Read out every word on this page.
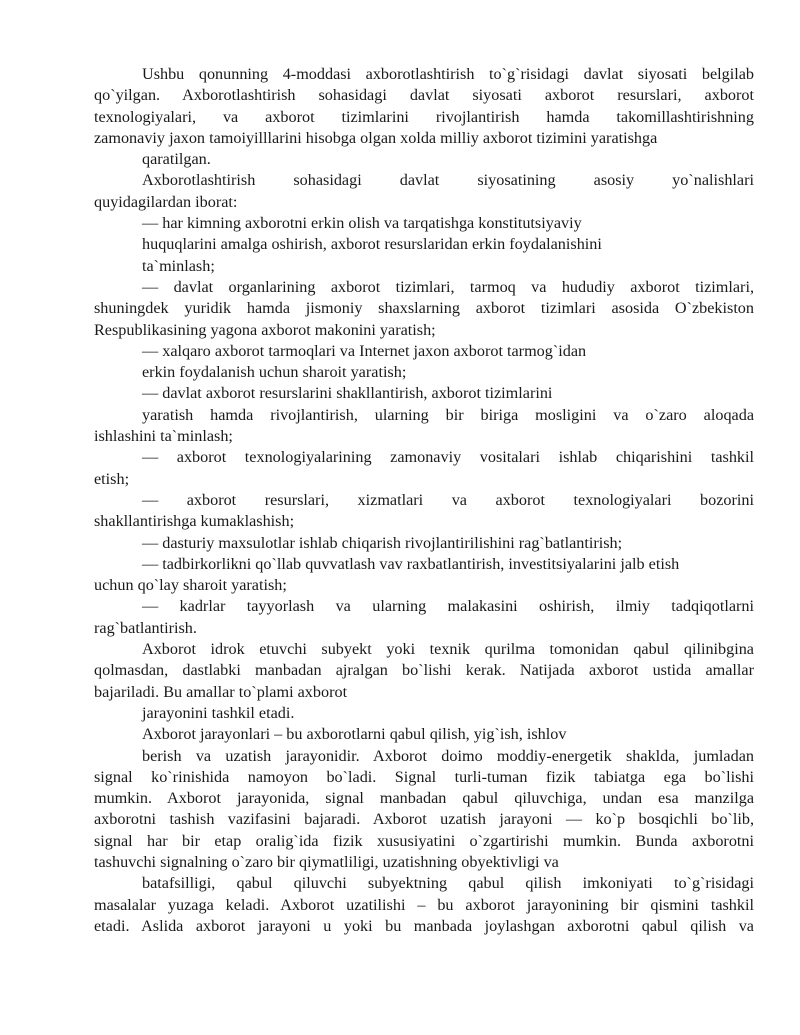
Ushbu qonunning 4-moddasi axborotlashtirish to`g`risidagi davlat siyosati belgilab
qo`yilgan. Axborotlashtirish sohasidagi davlat siyosati axborot resurslari, axborot
texnologiyalari, va axborot tizimlarini rivojlantirish hamda takomillashtirishning
zamonaviy jaxon tamoiyilllarini hisobga olgan xolda milliy axborot tizimini yaratishga
qaratilgan.
Axborotlashtirish sohasidagi davlat siyosatining asosiy yo`nalishlari
quyidagilardan iborat:
— har kimning axborotni erkin olish va tarqatishga konstitutsiyaviy
huquqlarini amalga oshirish, axborot resurslaridan erkin foydalanishini
ta`minlash;
— davlat organlarining axborot tizimlari, tarmoq va hududiy axborot tizimlari,
shuningdek yuridik hamda jismoniy shaxslarning axborot tizimlari asosida O`zbekiston
Respublikasining yagona axborot makonini yaratish;
— xalqaro axborot tarmoqlari va Internet jaxon axborot tarmog`idan
erkin foydalanish uchun sharoit yaratish;
— davlat axborot resurslarini shakllantirish, axborot tizimlarini
yaratish hamda rivojlantirish, ularning bir biriga mosligini va o`zaro aloqada
ishlashini ta`minlash;
— axborot texnologiyalarining zamonaviy vositalari ishlab chiqarishini tashkil
etish;
— axborot resurslari, xizmatlari va axborot texnologiyalari bozorini
shakllantirishga kumaklashish;
— dasturiy maxsulotlar ishlab chiqarish rivojlantirilishini rag`batlantirish;
— tadbirkorlikni qo`llab quvvatlash vav raxbatlantirish, investitsiyalarini jalb etish
uchun qo`lay sharoit yaratish;
— kadrlar tayyorlash va ularning malakasini oshirish, ilmiy tadqiqotlarni
rag`batlantirish.
Axborot idrok etuvchi subyekt yoki texnik qurilma tomonidan qabul qilinibgina
qolmasdan, dastlabki manbadan ajralgan bo`lishi kerak. Natijada axborot ustida amallar
bajariladi. Bu amallar to`plami axborot
jarayonini tashkil etadi.
Axborot jarayonlari – bu axborotlarni qabul qilish, yig`ish, ishlov
berish va uzatish jarayonidir. Axborot doimo moddiy-energetik shaklda, jumladan
signal ko`rinishida namoyon bo`ladi. Signal turli-tuman fizik tabiatga ega bo`lishi
mumkin. Axborot jarayonida, signal manbadan qabul qiluvchiga, undan esa manzilga
axborotni tashish vazifasini bajaradi. Axborot uzatish jarayoni — ko`p bosqichli bo`lib,
signal har bir etap oralig`ida fizik xususiyatini o`zgartirishi mumkin. Bunda axborotni
tashuvchi signalning o`zaro bir qiymatliligi, uzatishning obyektivligi va
batafsilligi, qabul qiluvchi subyektning qabul qilish imkoniyati to`g`risidagi
masalalar yuzaga keladi. Axborot uzatilishi – bu axborot jarayonining bir qismini tashkil
etadi. Aslida axborot jarayoni u yoki bu manbada joylashgan axborotni qabul qilish va
